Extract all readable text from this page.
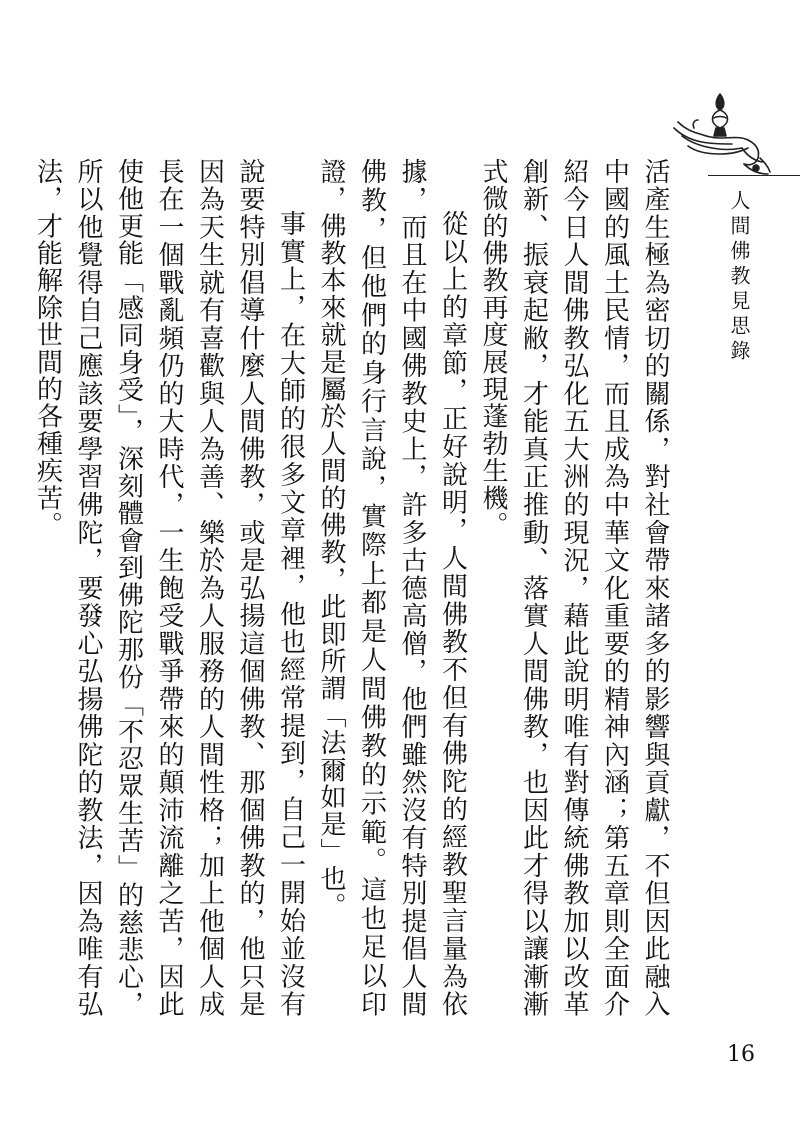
人間佛教見思錄

活產生極為密切的關係，對社會帶來諸多的影響與貢獻，不但因此融入中國的風土民情，而且成為中華文化重要的精神內涵；第五章則全面介紹今日人間佛教弘化五大洲的現況，藉此說明唯有對傳統佛教加以改革創新、振衰起敝，才能真正推動、落實人間佛教，也因此才得以讓漸漸式微的佛教再度展現蓬勃生機。

從以上的章節，正好說明，人間佛教不但有佛陀的經教聖言量為依據，而且在中國佛教史上，許多古德高僧，他們雖然沒有特別提倡人間佛教，但他們的身行言說，實際上都是人間佛教的示範。這也足以印證，佛教本來就是屬於人間的佛教，此即所謂「法爾如是」也。

事實上，在大師的很多文章裡，他也經常提到，自己一開始並沒有說要特別倡導什麼人間佛教，或是弘揚這個佛教、那個佛教的，他只是因為天生就有喜歡與人為善、樂於為人服務的人間性格；加上他個人成長在一個戰亂頻仍的大時代，一生飽受戰爭帶來的顛沛流離之苦，因此使他更能「感同身受」，深刻體會到佛陀那份「不忍眾生苦」的慈悲心，所以他覺得自己應該要學習佛陀，要發心弘揚佛陀的教法，因為唯有弘法，才能解除世間的各種疾苦。

16
